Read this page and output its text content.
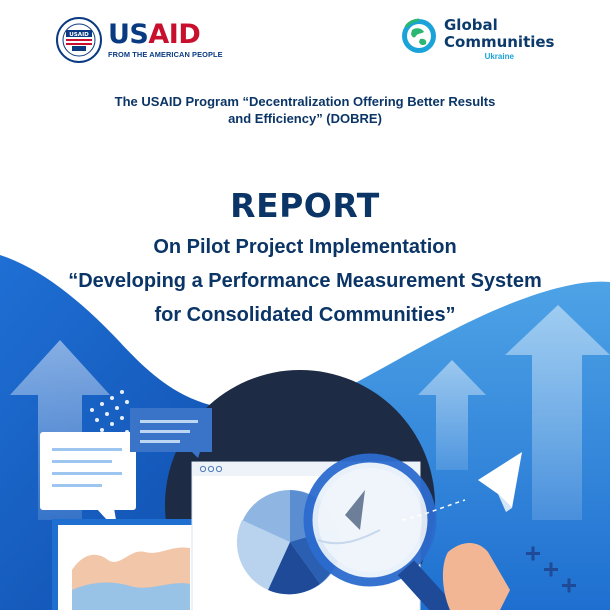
USAID USAID
FROM THE AMERICAN PEOPLE
Global
Communities
Ukraine

The USAID Program “Decentralization Offering Better Results
and Efficiency” (DOBRE)

REPORT

On Pilot Project Implementation

“Developing a Performance Measurement System

for Consolidated Communities”
